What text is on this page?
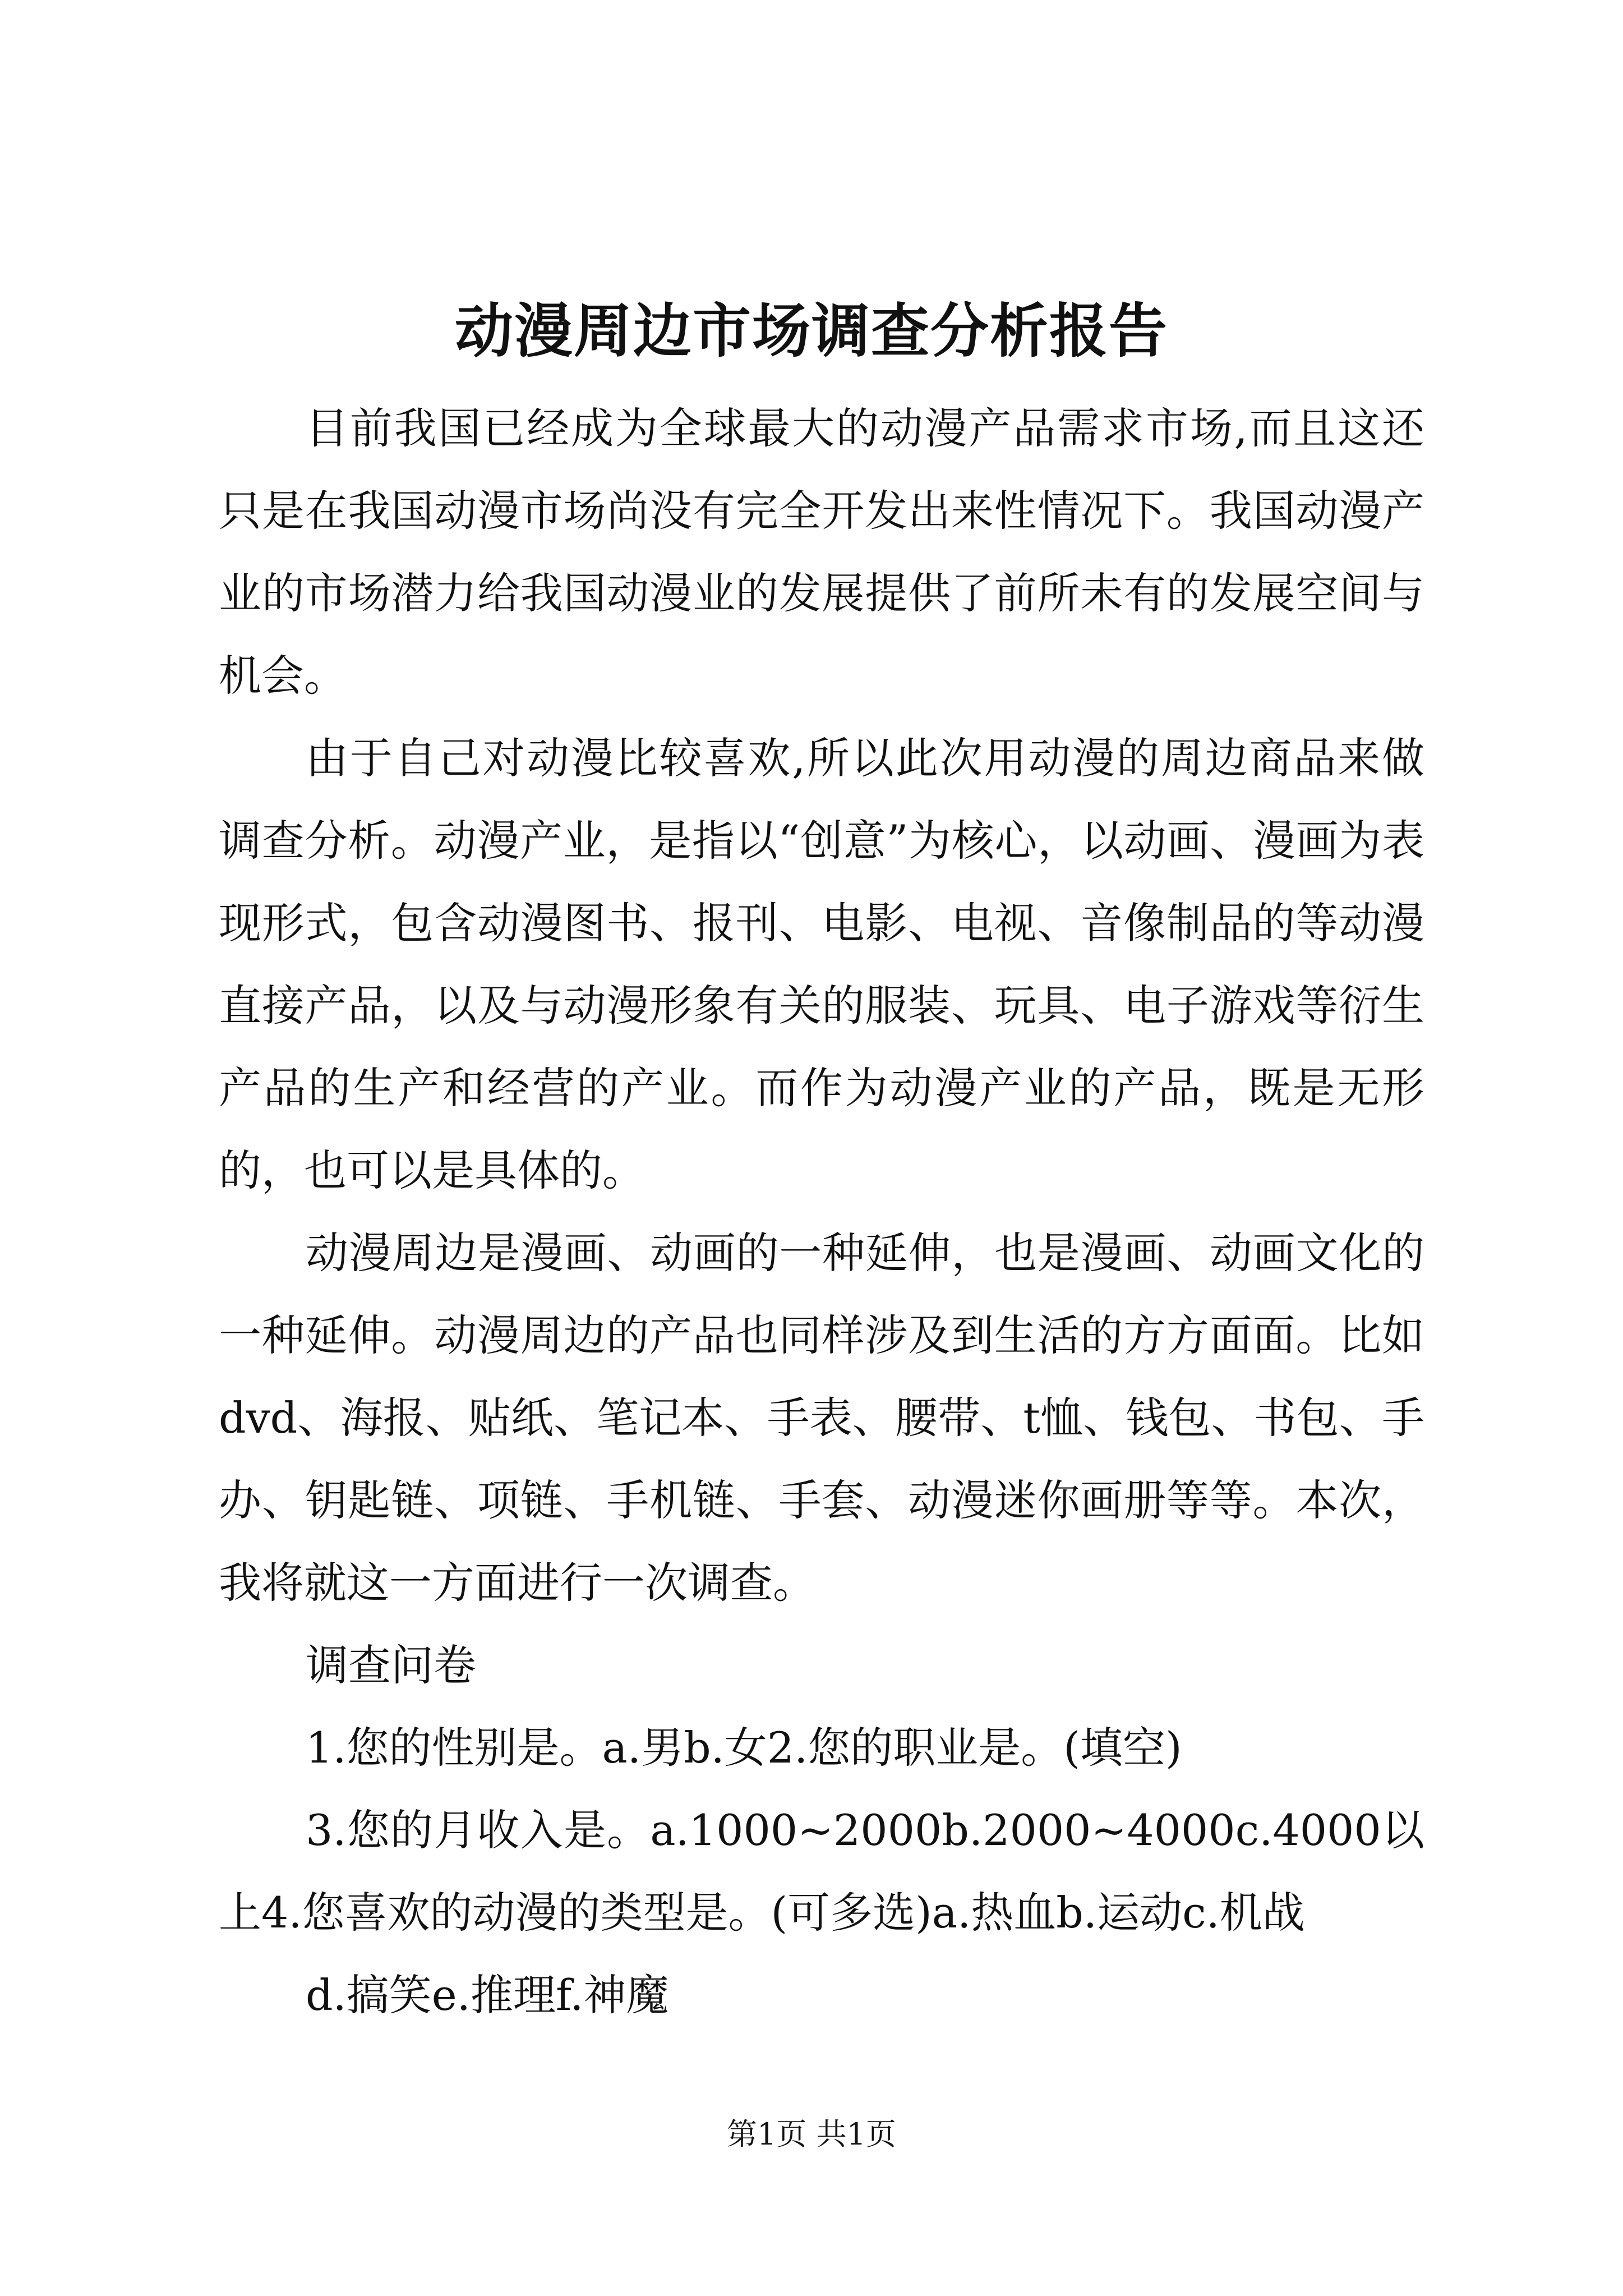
动漫周边市场调查分析报告

目前我国已经成为全球最大的动漫产品需求市场,而且这还只是在我国动漫市场尚没有完全开发出来性情况下。我国动漫产业的市场潜力给我国动漫业的发展提供了前所未有的发展空间与机会。

由于自己对动漫比较喜欢,所以此次用动漫的周边商品来做调查分析。动漫产业，是指以“创意”为核心，以动画、漫画为表现形式，包含动漫图书、报刊、电影、电视、音像制品的等动漫直接产品，以及与动漫形象有关的服装、玩具、电子游戏等衍生产品的生产和经营的产业。而作为动漫产业的产品，既是无形的，也可以是具体的。

动漫周边是漫画、动画的一种延伸，也是漫画、动画文化的一种延伸。动漫周边的产品也同样涉及到生活的方方面面。比如dvd、海报、贴纸、笔记本、手表、腰带、t恤、钱包、书包、手办、钥匙链、项链、手机链、手套、动漫迷你画册等等。本次，我将就这一方面进行一次调查。

调查问卷

1.您的性别是。a.男b.女2.您的职业是。(填空)

3.您的月收入是。a.1000~2000b.2000~4000c.4000以上4.您喜欢的动漫的类型是。(可多选)a.热血b.运动c.机战

d.搞笑e.推理f.神魔

第1页 共1页
